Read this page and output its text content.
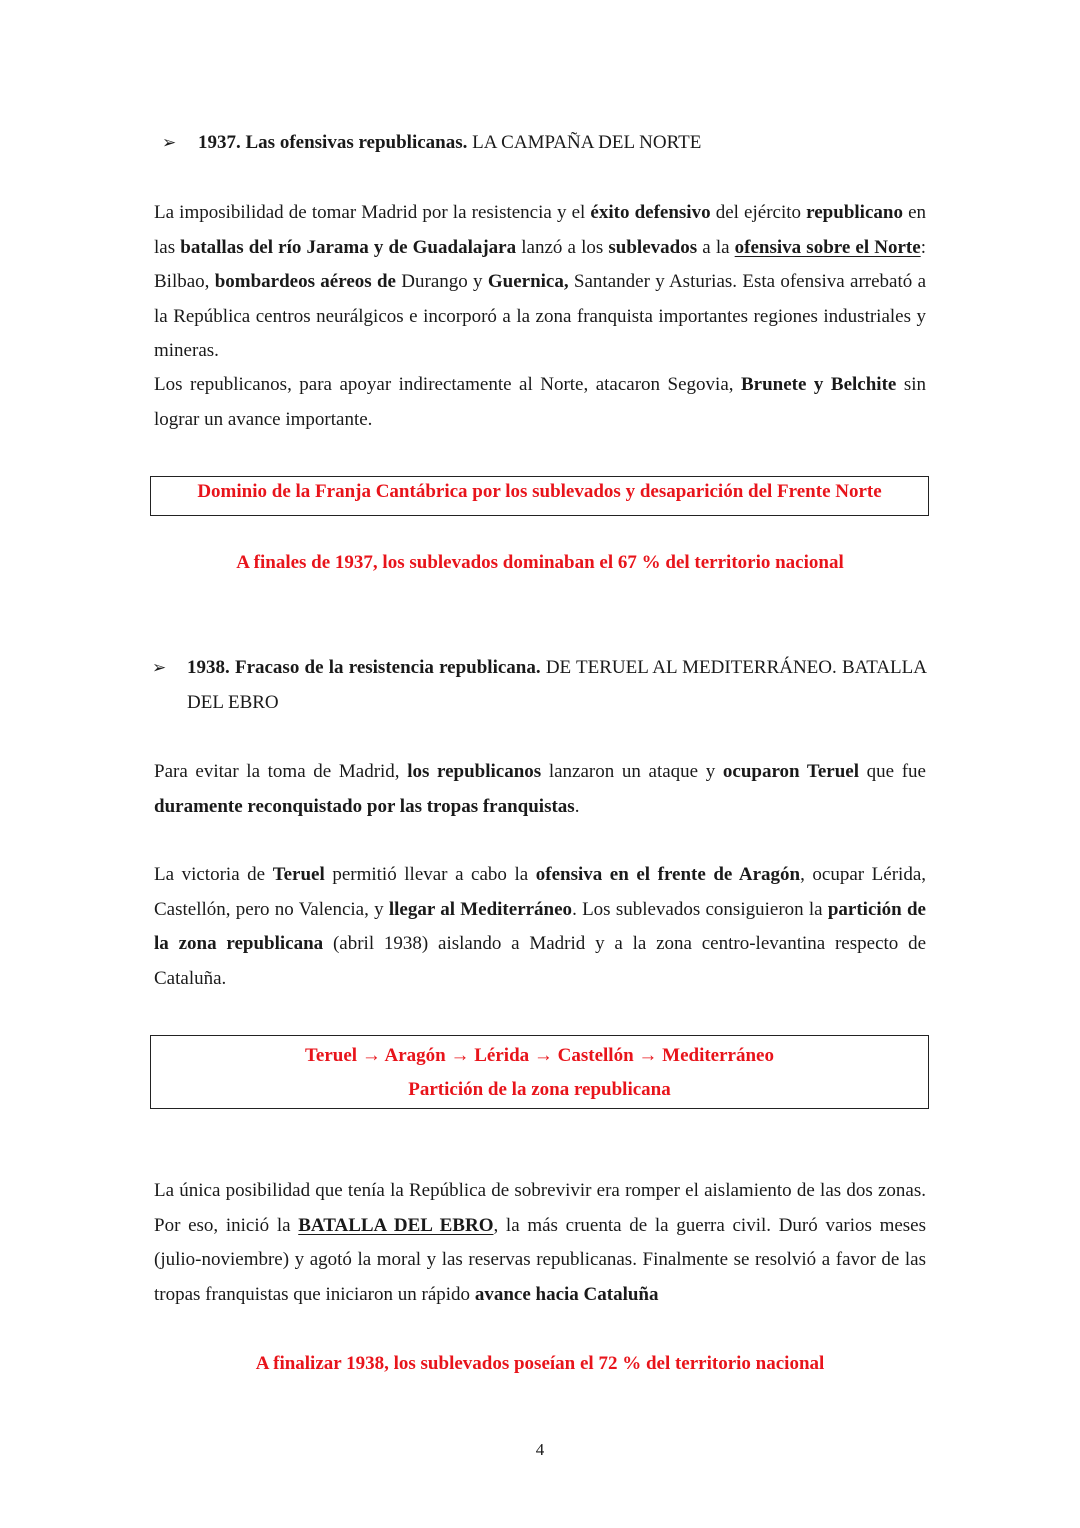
➢ 1937. Las ofensivas republicanas. LA CAMPAÑA DEL NORTE

La imposibilidad de tomar Madrid por la resistencia y el éxito defensivo del ejército republicano en las batallas del río Jarama y de Guadalajara lanzó a los sublevados a la ofensiva sobre el Norte: Bilbao, bombardeos aéreos de Durango y Guernica, Santander y Asturias. Esta ofensiva arrebató a la República centros neurálgicos e incorporó a la zona franquista importantes regiones industriales y mineras.

Los republicanos, para apoyar indirectamente al Norte, atacaron Segovia, Brunete y Belchite sin lograr un avance importante.

Dominio de la Franja Cantábrica por los sublevados y desaparición del Frente Norte
A finales de 1937, los sublevados dominaban el 67 % del territorio nacional
➢ 1938. Fracaso de la resistencia republicana. DE TERUEL AL MEDITERRÁNEO. BATALLA DEL EBRO

Para evitar la toma de Madrid, los republicanos lanzaron un ataque y ocuparon Teruel que fue duramente reconquistado por las tropas franquistas.

La victoria de Teruel permitió llevar a cabo la ofensiva en el frente de Aragón, ocupar Lérida, Castellón, pero no Valencia, y llegar al Mediterráneo. Los sublevados consiguieron la partición de la zona republicana (abril 1938) aislando a Madrid y a la zona centro-levantina respecto de Cataluña.

Teruel → Aragón → Lérida → Castellón → Mediterráneo
Partición de la zona republicana

La única posibilidad que tenía la República de sobrevivir era romper el aislamiento de las dos zonas. Por eso, inició la BATALLA DEL EBRO, la más cruenta de la guerra civil. Duró varios meses (julio-noviembre) y agotó la moral y las reservas republicanas. Finalmente se resolvió a favor de las tropas franquistas que iniciaron un rápido avance hacia Cataluña

A finalizar 1938, los sublevados poseían el 72 % del territorio nacional
4
